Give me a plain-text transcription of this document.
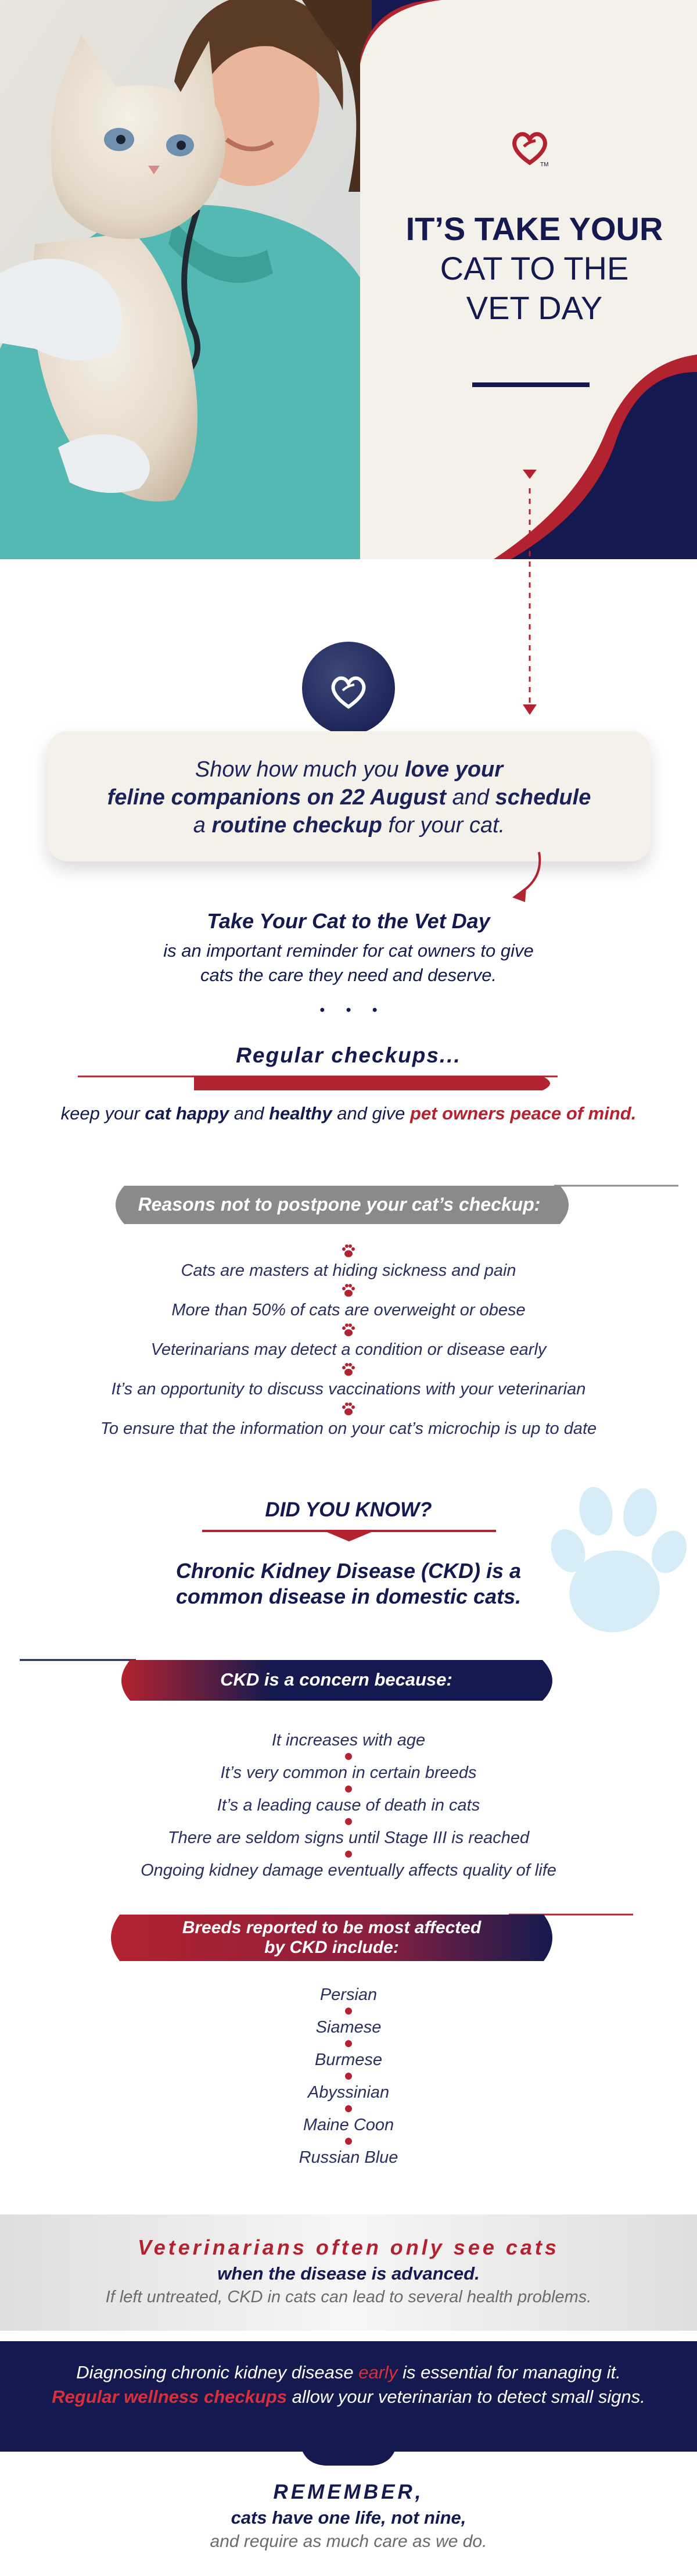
TM
IT’S TAKE YOUR
CAT TO THE
VET DAY
Show how much you love your
feline companions on 22 August and schedule
a routine checkup for your cat.
Take Your Cat to the Vet Day
is an important reminder for cat owners to give
cats the care they need and deserve.
•     •     •
Regular checkups...
keep your cat happy and healthy and give pet owners peace of mind.
Reasons not to postpone your cat’s checkup:
Cats are masters at hiding sickness and pain
More than 50% of cats are overweight or obese
Veterinarians may detect a condition or disease early
It’s an opportunity to discuss vaccinations with your veterinarian
To ensure that the information on your cat’s microchip is up to date
DID YOU KNOW?
Chronic Kidney Disease (CKD) is a
common disease in domestic cats.
CKD is a concern because:
It increases with age
It’s very common in certain breeds
It’s a leading cause of death in cats
There are seldom signs until Stage III is reached
Ongoing kidney damage eventually affects quality of life
Breeds reported to be most affected
by CKD include:
Persian
Siamese
Burmese
Abyssinian
Maine Coon
Russian Blue
Veterinarians often only see cats
when the disease is advanced.
If left untreated, CKD in cats can lead to several health problems.
Diagnosing chronic kidney disease early is essential for managing it.
Regular wellness checkups allow your veterinarian to detect small signs.
REMEMBER,
cats have one life, not nine,
and require as much care as we do.
